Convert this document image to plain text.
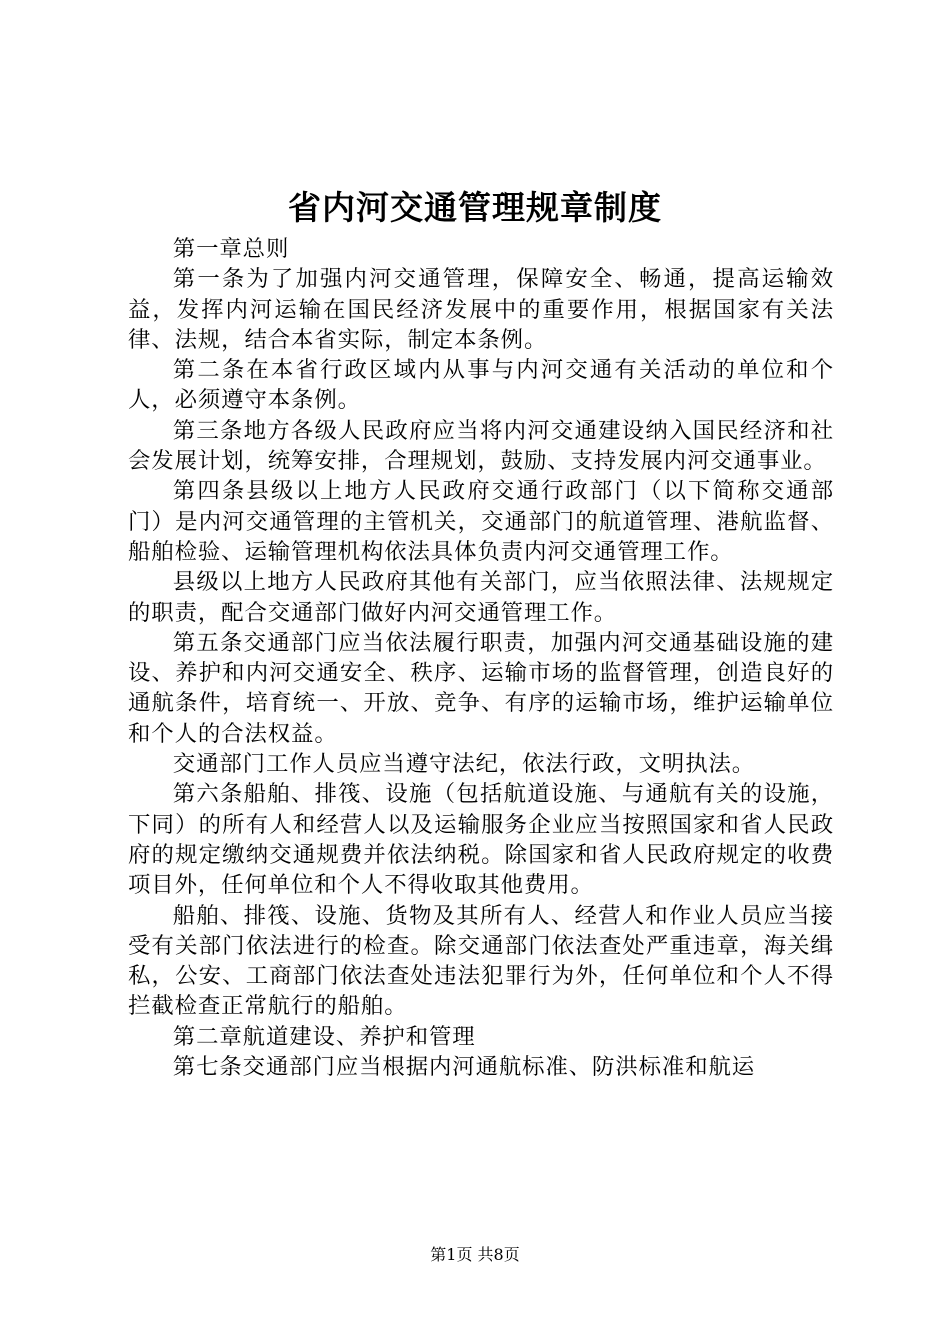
省内河交通管理规章制度

第一章总则

第一条为了加强内河交通管理，保障安全、畅通，提高运输效益，发挥内河运输在国民经济发展中的重要作用，根据国家有关法律、法规，结合本省实际，制定本条例。

第二条在本省行政区域内从事与内河交通有关活动的单位和个人，必须遵守本条例。

第三条地方各级人民政府应当将内河交通建设纳入国民经济和社会发展计划，统筹安排，合理规划，鼓励、支持发展内河交通事业。

第四条县级以上地方人民政府交通行政部门（以下简称交通部门）是内河交通管理的主管机关，交通部门的航道管理、港航监督、船舶检验、运输管理机构依法具体负责内河交通管理工作。

县级以上地方人民政府其他有关部门，应当依照法律、法规规定的职责，配合交通部门做好内河交通管理工作。

第五条交通部门应当依法履行职责，加强内河交通基础设施的建设、养护和内河交通安全、秩序、运输市场的监督管理，创造良好的通航条件，培育统一、开放、竞争、有序的运输市场，维护运输单位和个人的合法权益。

交通部门工作人员应当遵守法纪，依法行政，文明执法。

第六条船舶、排筏、设施（包括航道设施、与通航有关的设施，下同）的所有人和经营人以及运输服务企业应当按照国家和省人民政府的规定缴纳交通规费并依法纳税。除国家和省人民政府规定的收费项目外，任何单位和个人不得收取其他费用。

船舶、排筏、设施、货物及其所有人、经营人和作业人员应当接受有关部门依法进行的检查。除交通部门依法查处严重违章，海关缉私，公安、工商部门依法查处违法犯罪行为外，任何单位和个人不得拦截检查正常航行的船舶。

第二章航道建设、养护和管理

第七条交通部门应当根据内河通航标准、防洪标准和航运

第1页 共8页
